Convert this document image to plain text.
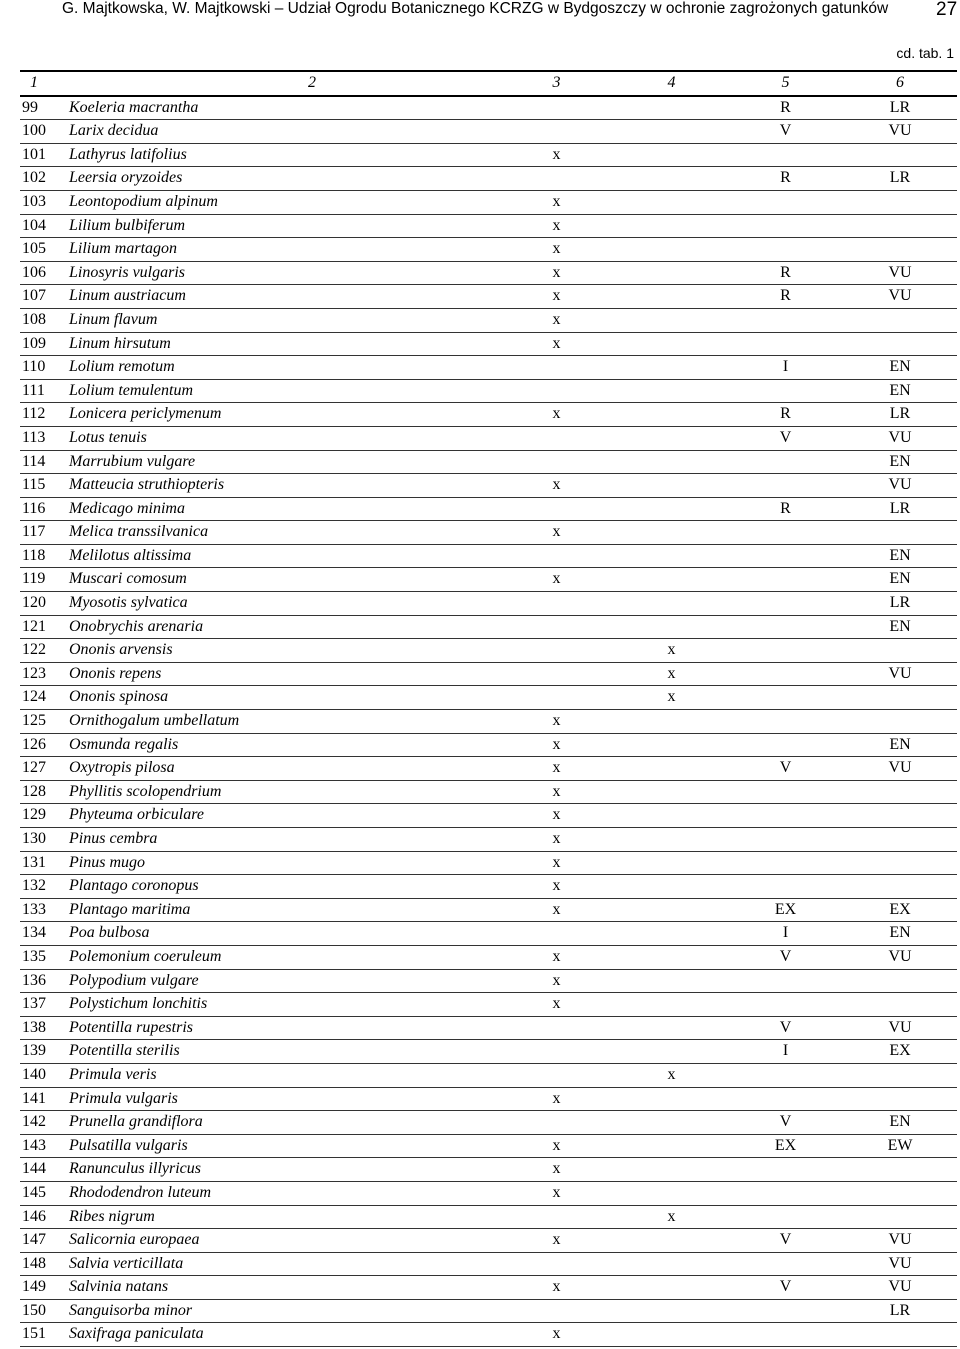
G. Majtkowska, W. Majtkowski – Udział Ogrodu Botanicznego KCRZG w Bydgoszczy w ochronie zagrożonych gatunków	27
cd. tab. 1
1	2	3	4	5	6
99	Koeleria macrantha			R	LR
100	Larix decidua			V	VU
101	Lathyrus latifolius	x			
102	Leersia oryzoides			R	LR
103	Leontopodium alpinum	x			
104	Lilium bulbiferum	x			
105	Lilium martagon	x			
106	Linosyris vulgaris	x		R	VU
107	Linum austriacum	x		R	VU
108	Linum flavum	x			
109	Linum hirsutum	x			
110	Lolium remotum			I	EN
111	Lolium temulentum				EN
112	Lonicera periclymenum	x		R	LR
113	Lotus tenuis			V	VU
114	Marrubium vulgare				EN
115	Matteucia struthiopteris	x			VU
116	Medicago minima			R	LR
117	Melica transsilvanica	x			
118	Melilotus altissima				EN
119	Muscari comosum	x			EN
120	Myosotis sylvatica				LR
121	Onobrychis arenaria				EN
122	Ononis arvensis		x		
123	Ononis repens		x		VU
124	Ononis spinosa		x		
125	Ornithogalum umbellatum	x			
126	Osmunda regalis	x			EN
127	Oxytropis pilosa	x		V	VU
128	Phyllitis scolopendrium	x			
129	Phyteuma orbiculare	x			
130	Pinus cembra	x			
131	Pinus mugo	x			
132	Plantago coronopus	x			
133	Plantago maritima	x		EX	EX
134	Poa bulbosa			I	EN
135	Polemonium coeruleum	x		V	VU
136	Polypodium vulgare	x			
137	Polystichum lonchitis	x			
138	Potentilla rupestris			V	VU
139	Potentilla sterilis			I	EX
140	Primula veris		x		
141	Primula vulgaris	x			
142	Prunella grandiflora			V	EN
143	Pulsatilla vulgaris	x		EX	EW
144	Ranunculus illyricus	x			
145	Rhododendron luteum	x			
146	Ribes nigrum		x		
147	Salicornia europaea	x		V	VU
148	Salvia verticillata				VU
149	Salvinia natans	x		V	VU
150	Sanguisorba minor				LR
151	Saxifraga paniculata	x			
